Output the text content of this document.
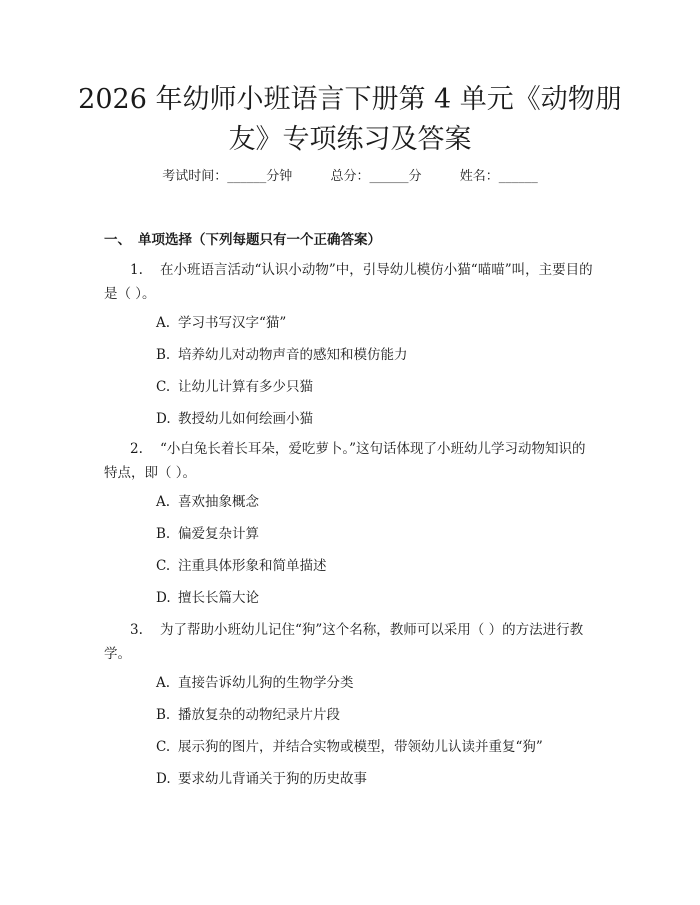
2026 年幼师小班语言下册第 4 单元《动物朋
友》专项练习及答案
考试时间：______分钟	总分：______分	姓名：______
一、 单项选择（下列每题只有一个正确答案）
1. 在小班语言活动“认识小动物”中，引导幼儿模仿小猫“喵喵”叫，主要目的是（ ）。
A. 学习书写汉字“猫”
B. 培养幼儿对动物声音的感知和模仿能力
C. 让幼儿计算有多少只猫
D. 教授幼儿如何绘画小猫
2. “小白兔长着长耳朵，爱吃萝卜。”这句话体现了小班幼儿学习动物知识的特点，即（ ）。
A. 喜欢抽象概念
B. 偏爱复杂计算
C. 注重具体形象和简单描述
D. 擅长长篇大论
3. 为了帮助小班幼儿记住“狗”这个名称，教师可以采用（ ）的方法进行教学。
A. 直接告诉幼儿狗的生物学分类
B. 播放复杂的动物纪录片片段
C. 展示狗的图片，并结合实物或模型，带领幼儿认读并重复“狗”
D. 要求幼儿背诵关于狗的历史故事
